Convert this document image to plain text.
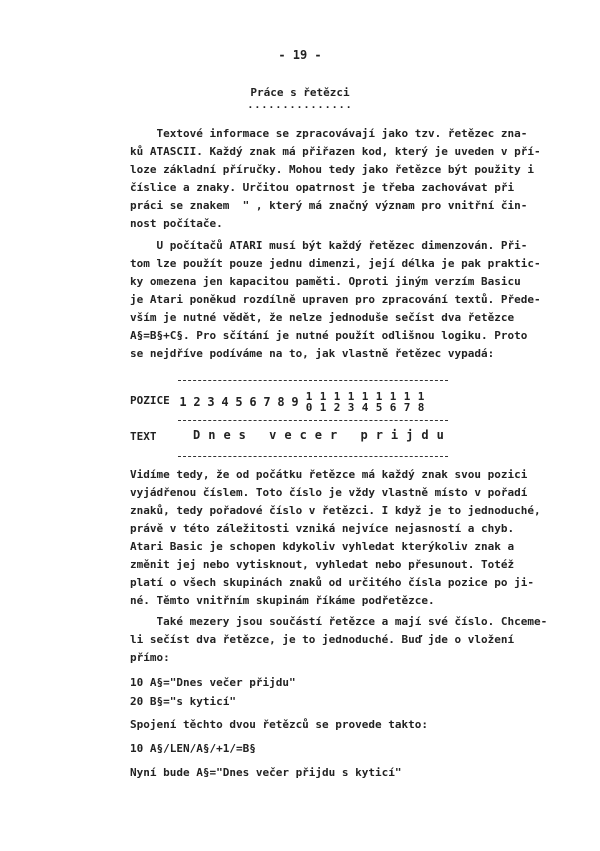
- 19 -
Práce s řetězci
...............
Textové informace se zpracovávají jako tzv. řetězec zna-
ků ATASCII. Každý znak má přiřazen kod, který je uveden v pří-
loze základní příručky. Mohou tedy jako řetězce být použity i
číslice a znaky. Určitou opatrnost je třeba zachovávat při
práci se znakem  " , který má značný význam pro vnitřní čin-
nost počítače.
U počítačů ATARI musí být každý řetězec dimenzován. Při-
tom lze použít pouze jednu dimenzi, její délka je pak praktic-
ky omezena jen kapacitou paměti. Oproti jiným verzím Basicu
je Atari poněkud rozdílně upraven pro zpracování textů. Přede-
vším je nutné vědět, že nelze jednoduše sečíst dva řetězce
A§=B§+C§. Pro sčítání je nutné použít odlišnou logiku. Proto
se nejdříve podíváme na to, jak vlastně řetězec vypadá:
POZICE 1 2 3 4 5 6 7 8 9 1
0
1
1
1
2
1
3
1
4
1
5
1
6
1
7
1
8
TEXT	Dnes vecer prijdu
Vidíme tedy, že od počátku řetězce má každý znak svou pozici
vyjádřenou číslem. Toto číslo je vždy vlastně místo v pořadí
znaků, tedy pořadové číslo v řetězci. I když je to jednoduché,
právě v této záležitosti vzniká nejvíce nejasností a chyb.
Atari Basic je schopen kdykoliv vyhledat kterýkoliv znak a
změnit jej nebo vytisknout, vyhledat nebo přesunout. Totéž
platí o všech skupinách znaků od určitého čísla pozice po ji-
né. Těmto vnitřním skupinám říkáme podřetězce.
Také mezery jsou součástí řetězce a mají své číslo. Chceme-
li sečíst dva řetězce, je to jednoduché. Buď jde o vložení
přímo:
10 A§="Dnes večer přijdu"
20 B§="s kyticí"
Spojení těchto dvou řetězců se provede takto:
10 A§/LEN/A§/+1/=B§
Nyní bude A§="Dnes večer přijdu s kyticí"
